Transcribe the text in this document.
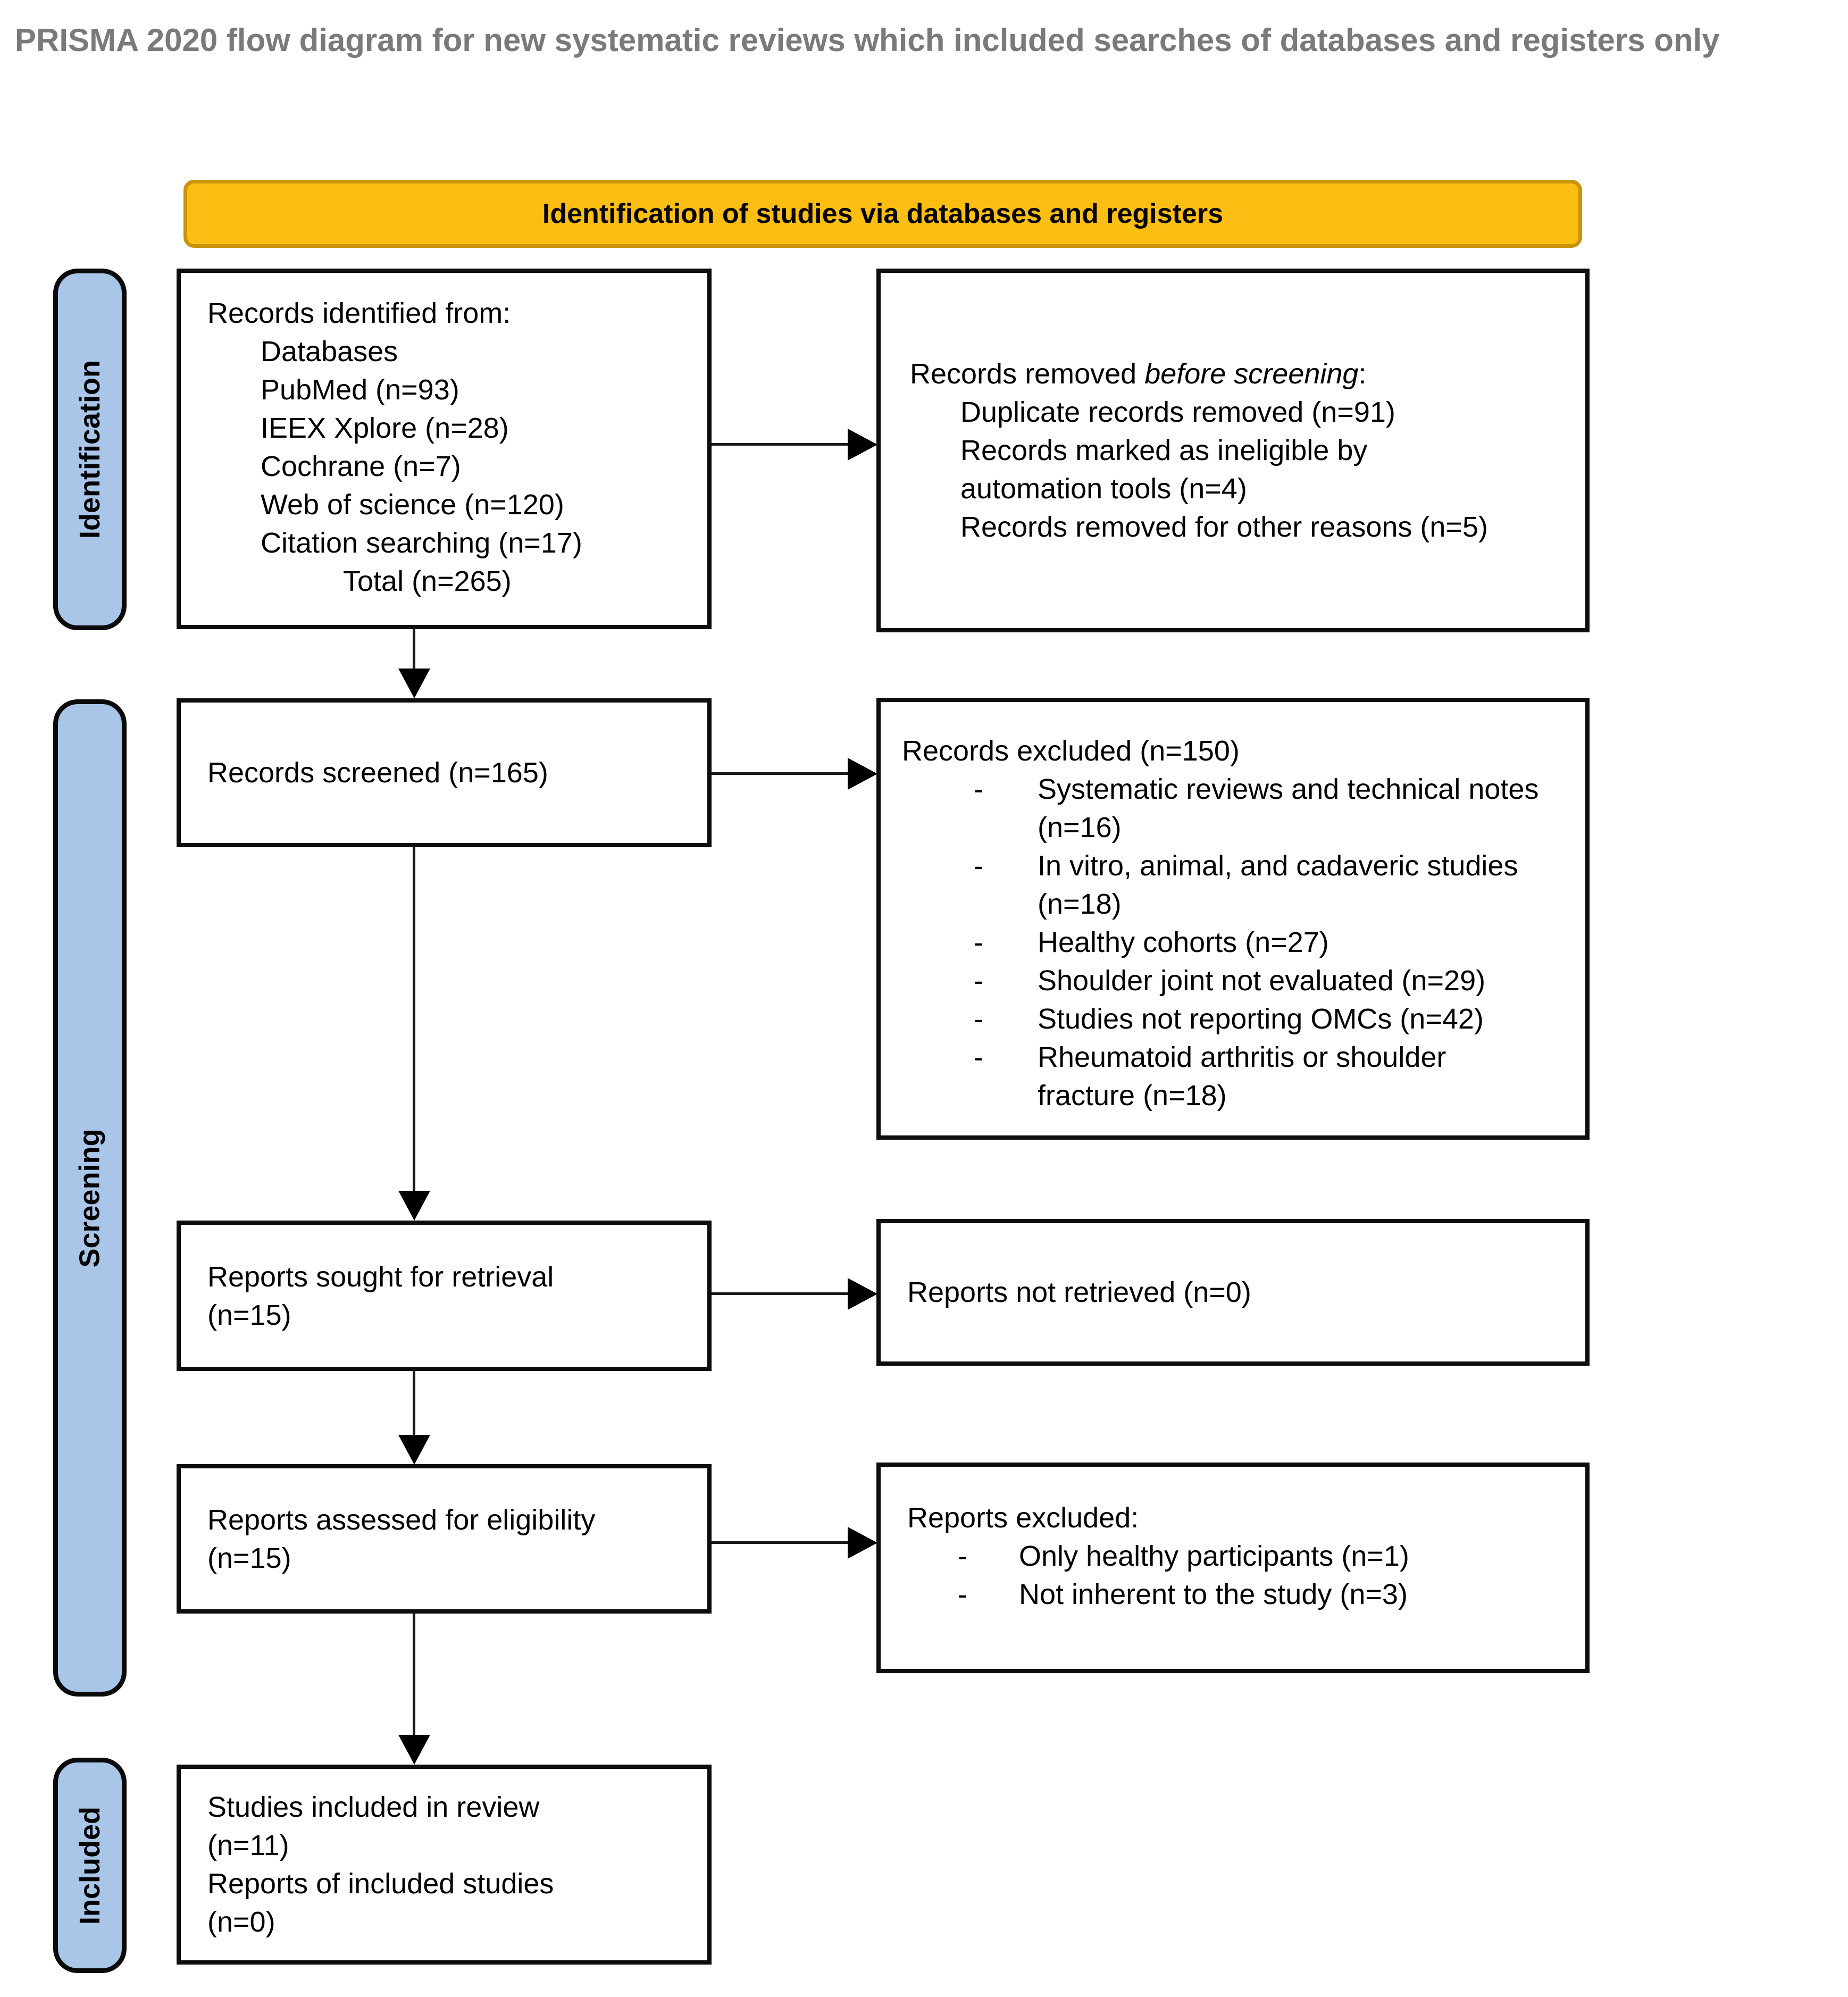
PRISMA 2020 flow diagram for new systematic reviews which included searches of databases and registers only
Identification of studies via databases and registers
Identification
Screening
Included
Records identified from:
Databases
PubMed (n=93)
IEEX Xplore (n=28)
Cochrane (n=7)
Web of science (n=120)
Citation searching (n=17)
Total (n=265)
Records removed before screening:
Duplicate records removed (n=91)
Records marked as ineligible by automation tools (n=4)
Records removed for other reasons (n=5)
Records screened (n=165)
Records excluded (n=150)
-	Systematic reviews and technical notes (n=16)
-	In vitro, animal, and cadaveric studies (n=18)
-	Healthy cohorts (n=27)
-	Shoulder joint not evaluated (n=29)
-	Studies not reporting OMCs (n=42)
-	Rheumatoid arthritis or shoulder fracture (n=18)
Reports sought for retrieval
(n=15)
Reports not retrieved (n=0)
Reports assessed for eligibility
(n=15)
Reports excluded:
-	Only healthy participants (n=1)
-	Not inherent to the study (n=3)
Studies included in review
(n=11)
Reports of included studies
(n=0)
